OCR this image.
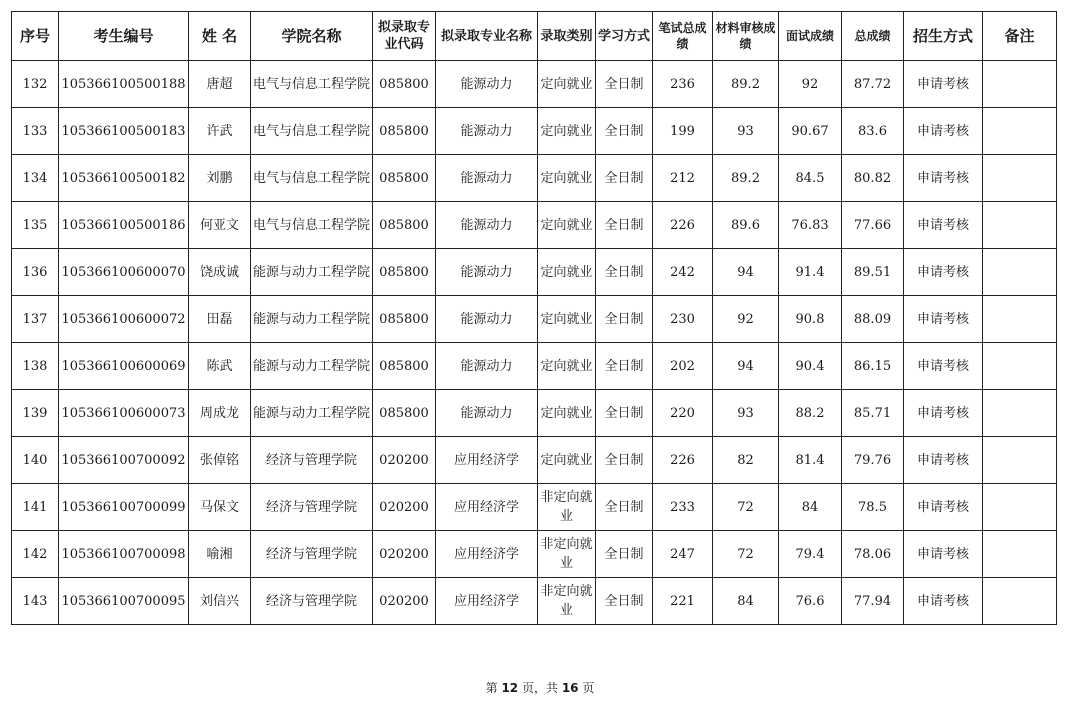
序号	考生编号	姓 名	学院名称	拟录取专业代码	拟录取专业名称	录取类别	学习方式	笔试总成绩	材料审核成绩	面试成绩	总成绩	招生方式	备注
132	105366100500188	唐超	电气与信息工程学院	085800	能源动力	定向就业	全日制	236	89.2	92	87.72	申请考核	
133	105366100500183	许武	电气与信息工程学院	085800	能源动力	定向就业	全日制	199	93	90.67	83.6	申请考核	
134	105366100500182	刘鹏	电气与信息工程学院	085800	能源动力	定向就业	全日制	212	89.2	84.5	80.82	申请考核	
135	105366100500186	何亚文	电气与信息工程学院	085800	能源动力	定向就业	全日制	226	89.6	76.83	77.66	申请考核	
136	105366100600070	饶成诚	能源与动力工程学院	085800	能源动力	定向就业	全日制	242	94	91.4	89.51	申请考核	
137	105366100600072	田磊	能源与动力工程学院	085800	能源动力	定向就业	全日制	230	92	90.8	88.09	申请考核	
138	105366100600069	陈武	能源与动力工程学院	085800	能源动力	定向就业	全日制	202	94	90.4	86.15	申请考核	
139	105366100600073	周成龙	能源与动力工程学院	085800	能源动力	定向就业	全日制	220	93	88.2	85.71	申请考核	
140	105366100700092	张倬铭	经济与管理学院	020200	应用经济学	定向就业	全日制	226	82	81.4	79.76	申请考核	
141	105366100700099	马保文	经济与管理学院	020200	应用经济学	非定向就业	全日制	233	72	84	78.5	申请考核	
142	105366100700098	喻湘	经济与管理学院	020200	应用经济学	非定向就业	全日制	247	72	79.4	78.06	申请考核	
143	105366100700095	刘信兴	经济与管理学院	020200	应用经济学	非定向就业	全日制	221	84	76.6	77.94	申请考核	
第 12 页，共 16 页
